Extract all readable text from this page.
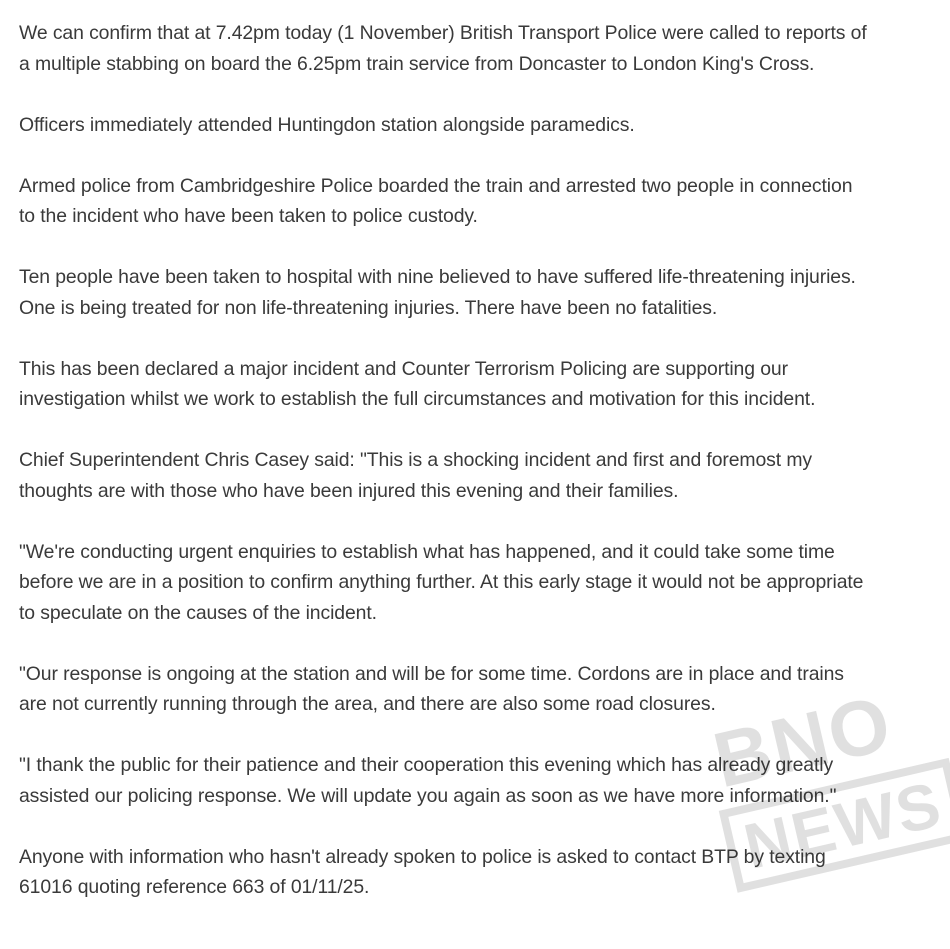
We can confirm that at 7.42pm today (1 November) British Transport Police were called to reports of
a multiple stabbing on board the 6.25pm train service from Doncaster to London King's Cross.

Officers immediately attended Huntingdon station alongside paramedics.

Armed police from Cambridgeshire Police boarded the train and arrested two people in connection
to the incident who have been taken to police custody.

Ten people have been taken to hospital with nine believed to have suffered life-threatening injuries.
One is being treated for non life-threatening injuries. There have been no fatalities.

This has been declared a major incident and Counter Terrorism Policing are supporting our
investigation whilst we work to establish the full circumstances and motivation for this incident.

Chief Superintendent Chris Casey said: "This is a shocking incident and first and foremost my
thoughts are with those who have been injured this evening and their families.

"We're conducting urgent enquiries to establish what has happened, and it could take some time
before we are in a position to confirm anything further. At this early stage it would not be appropriate
to speculate on the causes of the incident.

"Our response is ongoing at the station and will be for some time. Cordons are in place and trains
are not currently running through the area, and there are also some road closures.

"I thank the public for their patience and their cooperation this evening which has already greatly
assisted our policing response. We will update you again as soon as we have more information."

Anyone with information who hasn't already spoken to police is asked to contact BTP by texting
61016 quoting reference 663 of 01/11/25.

BNO
NEWS
